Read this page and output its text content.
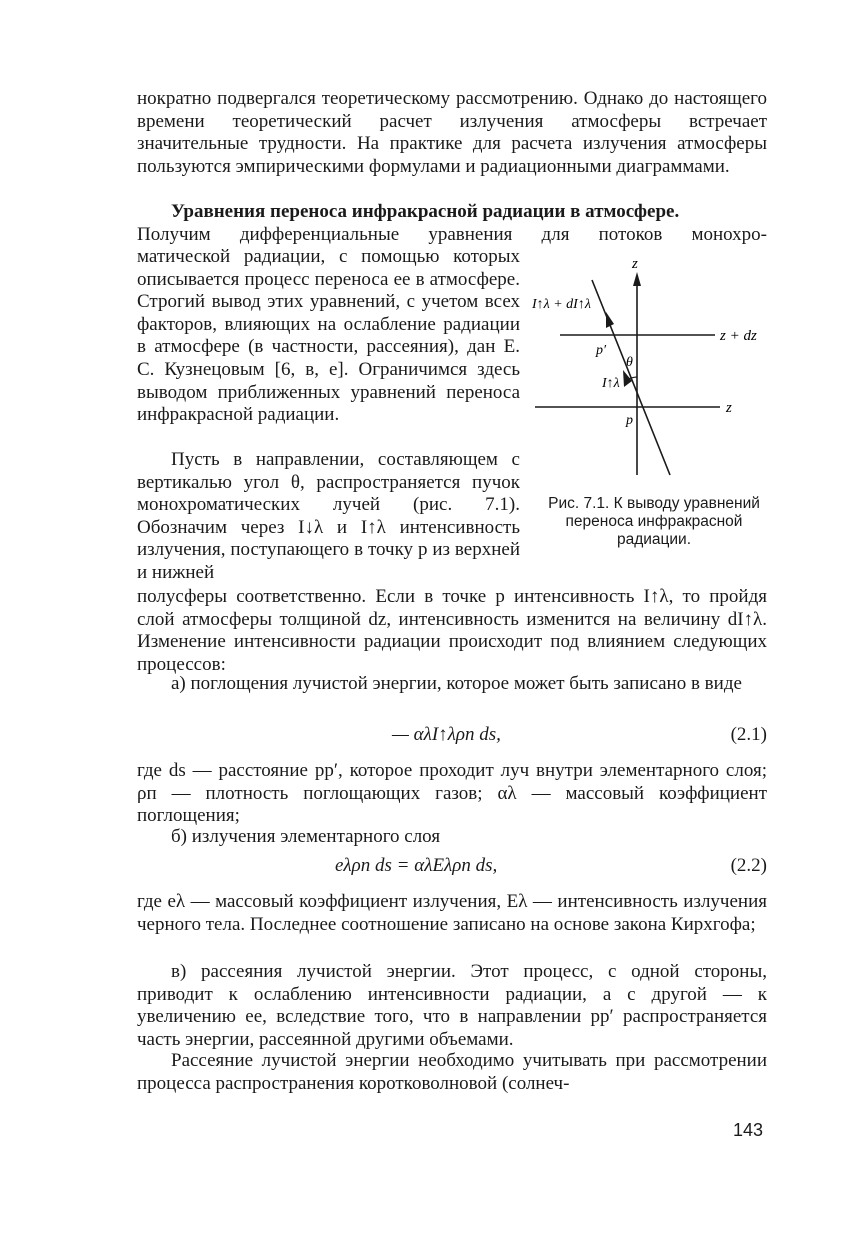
нократно подвергался теоретическому рассмотрению. Однако до настоящего времени теоретический расчет излучения атмосферы встречает значительные трудности. На практике для расчета излучения атмосферы пользуются эмпирическими формулами и радиационными диаграммами.
Уравнения переноса инфракрасной радиации в атмосфере.
Получим дифференциальные уравнения для потоков монохро-
матической радиации, с помощью которых описывается процесс переноса ее в атмосфере. Строгий вывод этих уравнений, с учетом всех факторов, влияющих на ослабление радиации в атмосфере (в частности, рассеяния), дан Е. С. Кузнецовым [6, в, е]. Ограничимся здесь выводом приближенных уравнений переноса инфракрасной радиации.
Пусть в направлении, составляющем с вертикалью угол θ, распространяется пучок монохроматических лучей (рис. 7.1). Обозначим через I↓λ и I↑λ интенсивность излучения, поступающего в точку p из верхней и нижней
полусферы соответственно. Если в точке p интенсивность I↑λ, то пройдя слой атмосферы толщиной dz, интенсивность изменится на величину dI↑λ. Изменение интенсивности радиации происходит под влиянием следующих процессов:
а) поглощения лучистой энергии, которое может быть записано в виде
— αλI↑λρп ds,	(2.1)
где ds — расстояние pp′, которое проходит луч внутри элементарного слоя; ρп — плотность поглощающих газов; αλ — массовый коэффициент поглощения;
б) излучения элементарного слоя
eλρп ds = αλEλρп ds,	(2.2)
где eλ — массовый коэффициент излучения, Eλ — интенсивность излучения черного тела. Последнее соотношение записано на основе закона Кирхгофа;
в) рассеяния лучистой энергии. Этот процесс, с одной стороны, приводит к ослаблению интенсивности радиации, а с другой — к увеличению ее, вследствие того, что в направлении pp′ распространяется часть энергии, рассеянной другими объемами.
Рассеяние лучистой энергии необходимо учитывать при рассмотрении процесса распространения коротковолновой (солнеч-
z
z + dz
z
p′
p
θ
I↑λ
I↑λ + dI↑λ
Рис. 7.1. К выводу уравнений переноса инфракрасной радиации.
143
